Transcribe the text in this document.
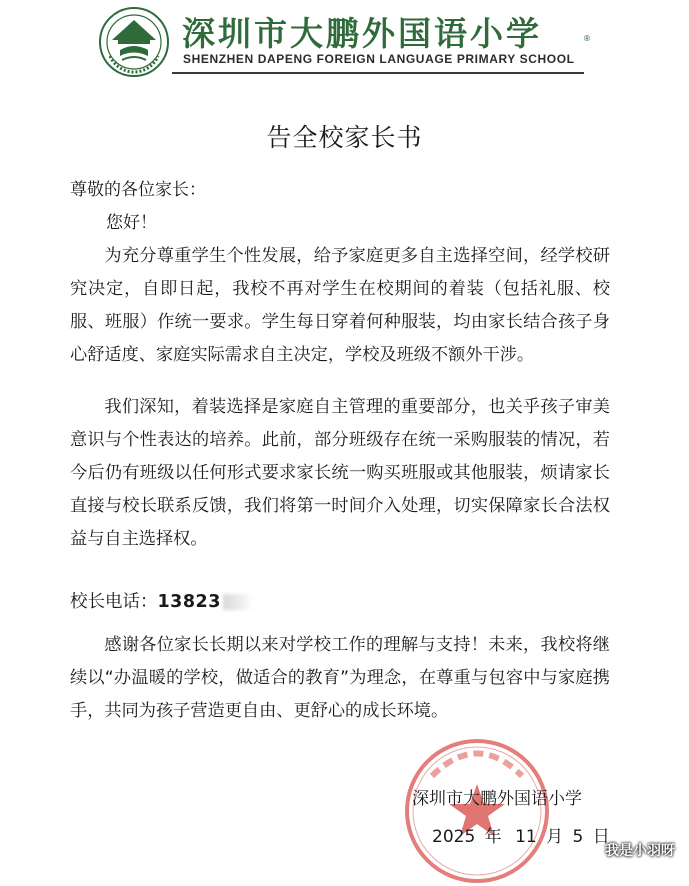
深圳市大鹏外国语小学	®
SHENZHEN DAPENG FOREIGN LANGUAGE PRIMARY SCHOOL
告全校家长书
尊敬的各位家长：
您好！

为充分尊重学生个性发展，给予家庭更多自主选择空间，经学校研究决定，自即日起，我校不再对学生在校期间的着装（包括礼服、校服、班服）作统一要求。学生每日穿着何种服装，均由家长结合孩子身心舒适度、家庭实际需求自主决定，学校及班级不额外干涉。

我们深知，着装选择是家庭自主管理的重要部分，也关乎孩子审美意识与个性表达的培养。此前，部分班级存在统一采购服装的情况，若今后仍有班级以任何形式要求家长统一购买班服或其他服装，烦请家长直接与校长联系反馈，我们将第一时间介入处理，切实保障家长合法权益与自主选择权。

校长电话：13823

感谢各位家长长期以来对学校工作的理解与支持！未来，我校将继续以“办温暖的学校，做适合的教育”为理念，在尊重与包容中与家庭携手，共同为孩子营造更自由、更舒心的成长环境。

深圳市大鹏外国语小学
2025 年 11 月 5 日
我是小羽呀
